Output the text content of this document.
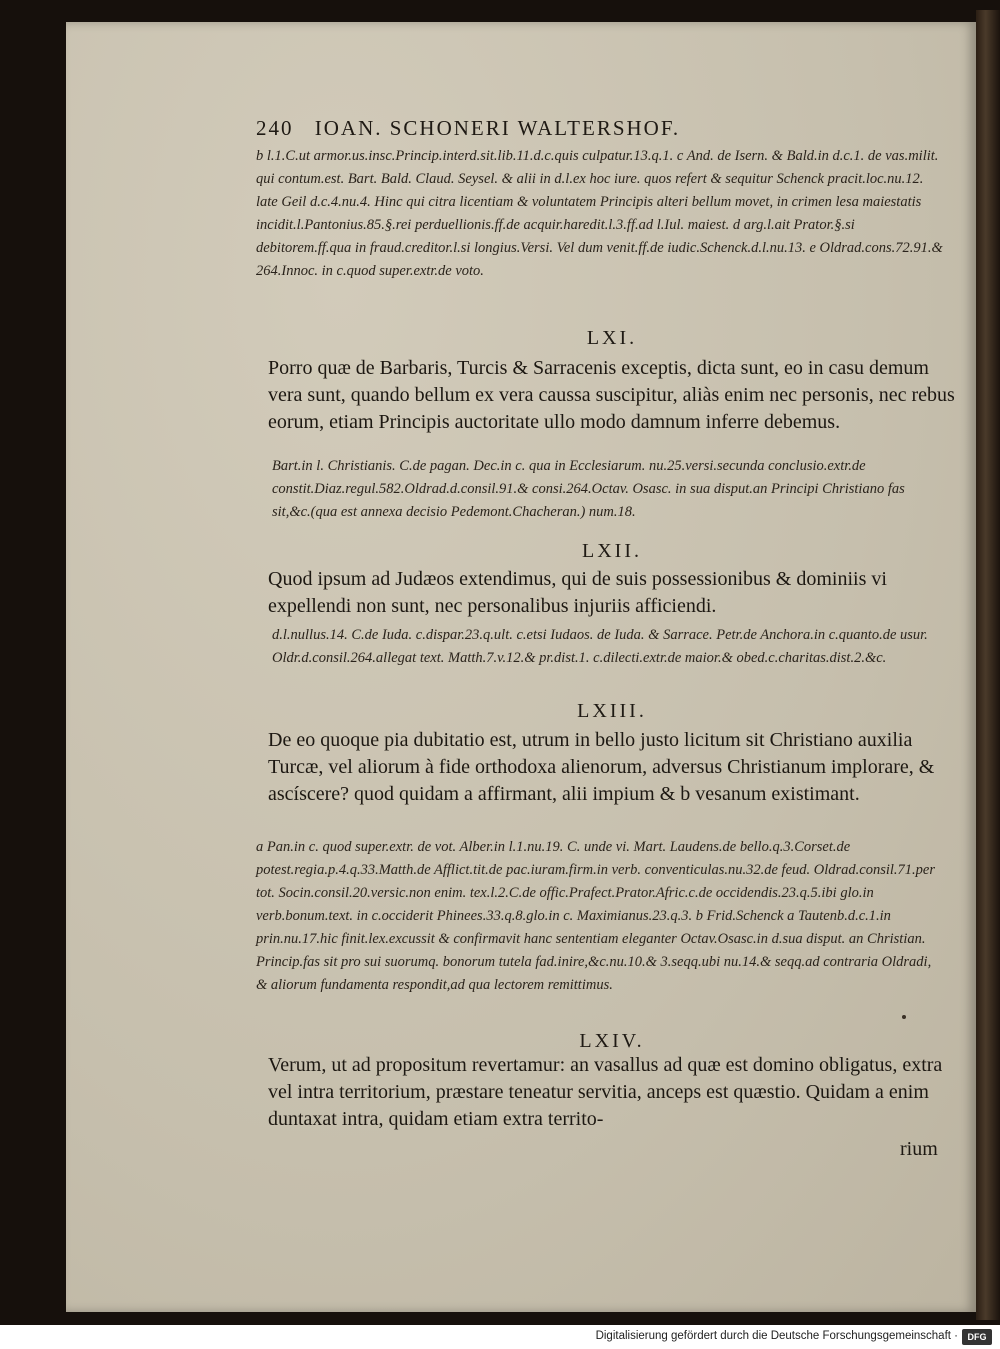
240 IOAN. SCHONERI WALTERSHOF.
b l.1.C.ut armor.us.insc.Princip.interd.sit.lib.11.d.c.quis culpatur.13.q.1. c And. de Isern. & Bald.in d.c.1. de vas.milit. qui contum.est. Bart. Bald. Claud. Seysel. & alii in d.l.ex hoc iure. quos refert & sequitur Schenck pracit.loc.nu.12. late Geil d.c.4.nu.4. Hinc qui citra licentiam & voluntatem Principis alteri bellum movet, in crimen lesa maiestatis incidit.l.Pantonius.85.§.rei perduellionis.ff.de acquir.haredit.l.3.ff.ad l.Iul. maiest. d arg.l.ait Prator.§.si debitorem.ff.qua in fraud.creditor.l.si longius.Versi. Vel dum venit.ff.de iudic.Schenck.d.l.nu.13. e Oldrad.cons.72.91.& 264.Innoc. in c.quod super.extr.de voto.
LXI.
Porro quæ de Barbaris, Turcis & Sarracenis exceptis, dicta sunt, eo in casu demum vera sunt, quando bellum ex vera caussa suscipitur, aliàs enim nec personis, nec rebus eorum, etiam Principis auctoritate ullo modo damnum inferre debemus.
Bart.in l. Christianis. C.de pagan. Dec.in c. qua in Ecclesiarum. nu.25.versi.secunda conclusio.extr.de constit.Diaz.regul.582.Oldrad.d.consil.91.& consi.264.Octav. Osasc. in sua disput.an Principi Christiano fas sit,&c.(qua est annexa decisio Pedemont.Chacheran.) num.18.
LXII.
Quod ipsum ad Judæos extendimus, qui de suis possessionibus & dominiis vi expellendi non sunt, nec personalibus injuriis afficiendi.
d.l.nullus.14. C.de Iuda. c.dispar.23.q.ult. c.etsi Iudaos. de Iuda. & Sarrace. Petr.de Anchora.in c.quanto.de usur. Oldr.d.consil.264.allegat text. Matth.7.v.12.& pr.dist.1. c.dilecti.extr.de maior.& obed.c.charitas.dist.2.&c.
LXIII.
De eo quoque pia dubitatio est, utrum in bello justo licitum sit Christiano auxilia Turcæ, vel aliorum à fide orthodoxa alienorum, adversus Christianum implorare, & ascíscere? quod quidam a affirmant, alii impium & b vesanum existimant.
a Pan.in c. quod super.extr. de vot. Alber.in l.1.nu.19. C. unde vi. Mart. Laudens.de bello.q.3.Corset.de potest.regia.p.4.q.33.Matth.de Afflict.tit.de pac.iuram.firm.in verb. conventiculas.nu.32.de feud. Oldrad.consil.71.per tot. Socin.consil.20.versic.non enim. tex.l.2.C.de offic.Prafect.Prator.Afric.c.de occidendis.23.q.5.ibi glo.in verb.bonum.text. in c.occiderit Phinees.33.q.8.glo.in c. Maximianus.23.q.3. b Frid.Schenck a Tautenb.d.c.1.in prin.nu.17.hic finit.lex.excussit & confirmavit hanc sententiam eleganter Octav.Osasc.in d.sua disput. an Christian. Princip.fas sit pro sui suorumq. bonorum tutela fad.inire,&c.nu.10.& 3.seqq.ubi nu.14.& seqq.ad contraria Oldradi, & aliorum fundamenta respondit,ad qua lectorem remittimus.
LXIV.
Verum, ut ad propositum revertamur: an vasallus ad quæ est domino obligatus, extra vel intra territorium, præstare teneatur servitia, anceps est quæstio. Quidam a enim duntaxat intra, quidam etiam extra territo-
rium
Digitalisierung gefördert durch die Deutsche Forschungsgemeinschaft ·	DFG
